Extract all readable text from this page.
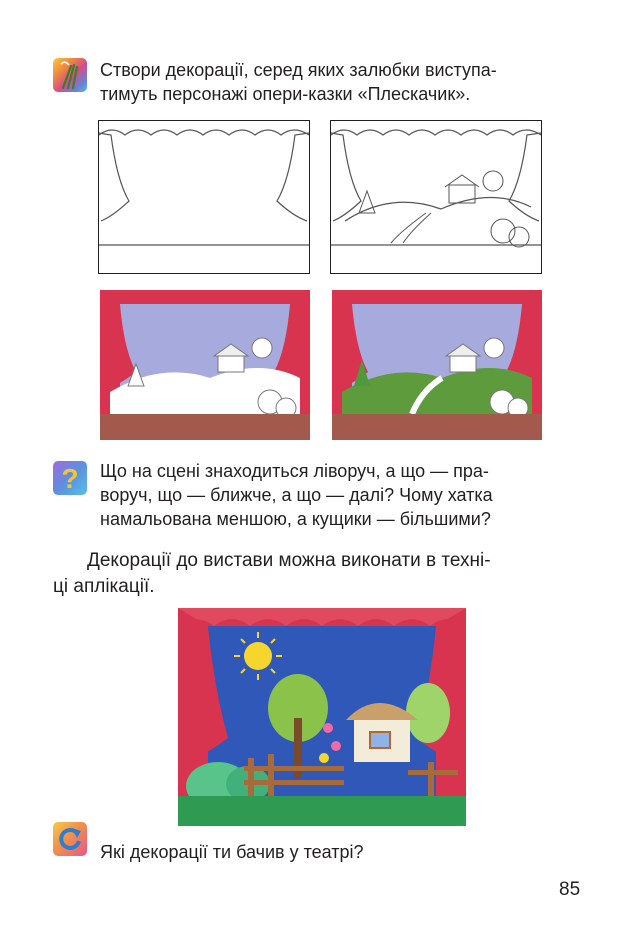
Створи декорації, серед яких залюбки виступа-
тимуть персонажі опери-казки «Плескачик».
? Що на сцені знаходиться ліворуч, а що — пра-
воруч, що — ближче, а що — далі? Чому хатка
намальована меншою, а кущики — більшими?
Декорації до вистави можна виконати в техні-
ці аплікації.
Які декорації ти бачив у театрі?
85
